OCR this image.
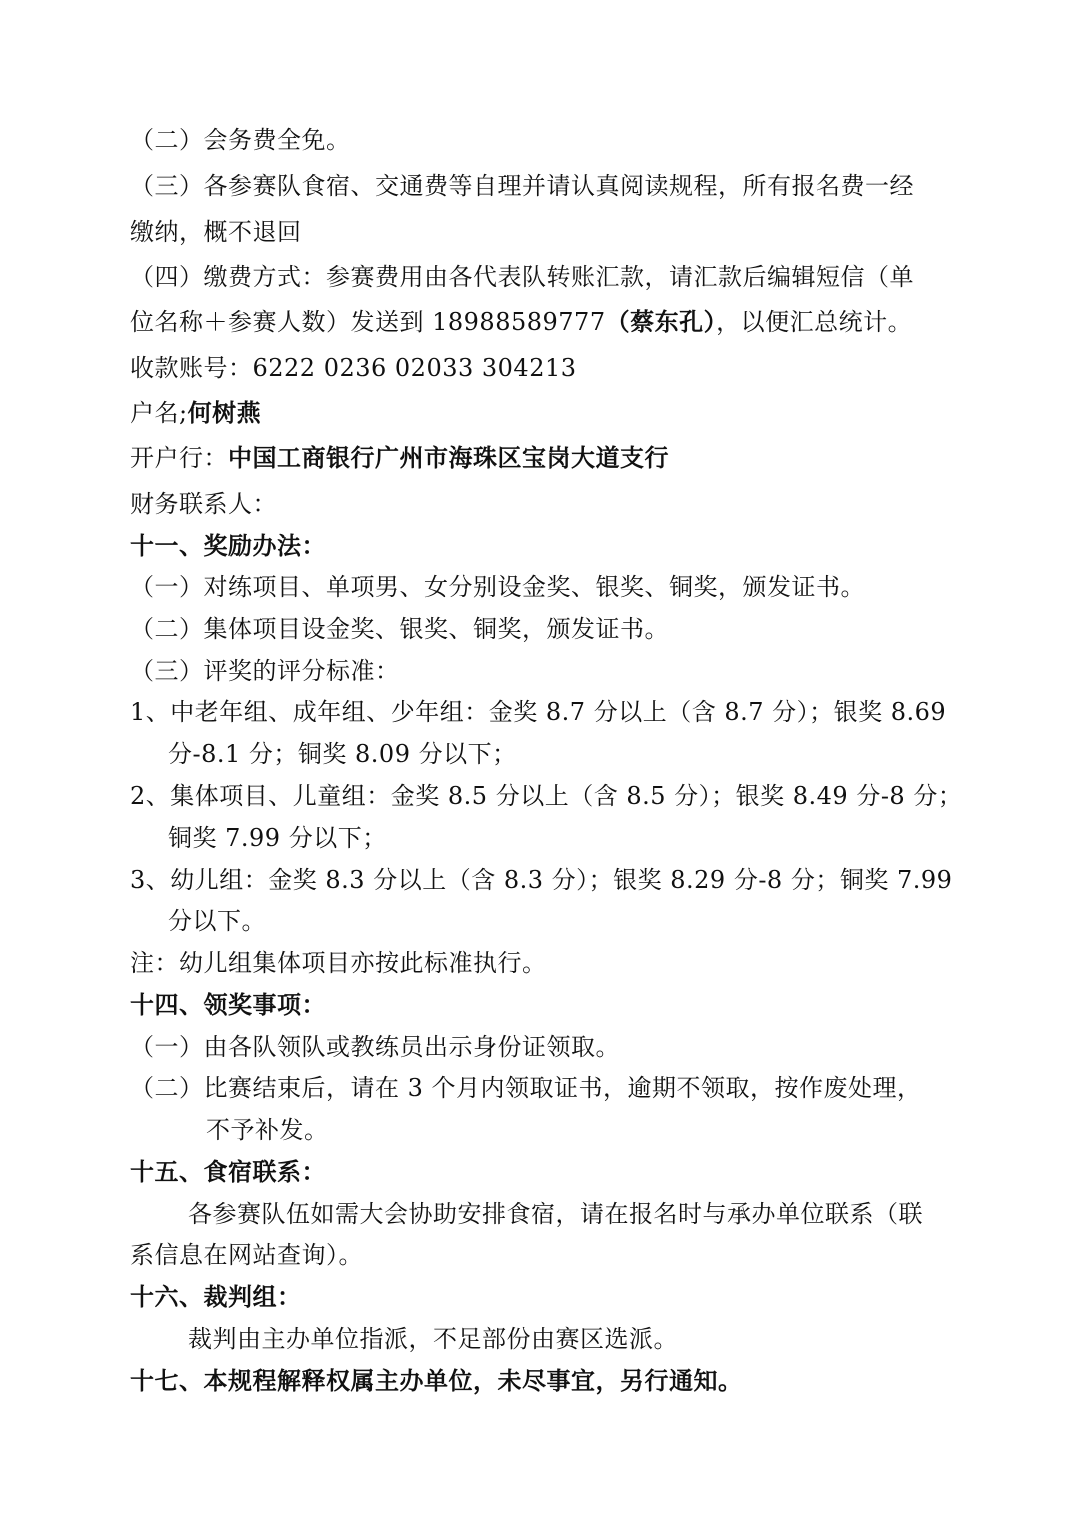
（二）会务费全免。
（三）各参赛队食宿、交通费等自理并请认真阅读规程，所有报名费一经
缴纳，概不退回
（四）缴费方式：参赛费用由各代表队转账汇款，请汇款后编辑短信（单
位名称＋参赛人数）发送到 18988589777（蔡东孔），以便汇总统计。
收款账号：6222 0236 02033 304213
户名;何树燕
开户行：中国工商银行广州市海珠区宝岗大道支行
财务联系人：
十一、奖励办法：
（一）对练项目、单项男、女分别设金奖、银奖、铜奖，颁发证书。
（二）集体项目设金奖、银奖、铜奖，颁发证书。
（三）评奖的评分标准：
1、中老年组、成年组、少年组：金奖 8.7 分以上（含 8.7 分）；银奖 8.69
分-8.1 分；铜奖 8.09 分以下；
2、集体项目、儿童组：金奖 8.5 分以上（含 8.5 分）；银奖 8.49 分-8 分；
铜奖 7.99 分以下；
3、幼儿组：金奖 8.3 分以上（含 8.3 分）；银奖 8.29 分-8 分；铜奖 7.99
分以下。
注：幼儿组集体项目亦按此标准执行。
十四、领奖事项：
（一）由各队领队或教练员出示身份证领取。
（二）比赛结束后，请在 3 个月内领取证书，逾期不领取，按作废处理，
不予补发。
十五、食宿联系：
各参赛队伍如需大会协助安排食宿，请在报名时与承办单位联系（联
系信息在网站查询）。
十六、裁判组：
裁判由主办单位指派，不足部份由赛区选派。
十七、本规程解释权属主办单位，未尽事宜，另行通知。
